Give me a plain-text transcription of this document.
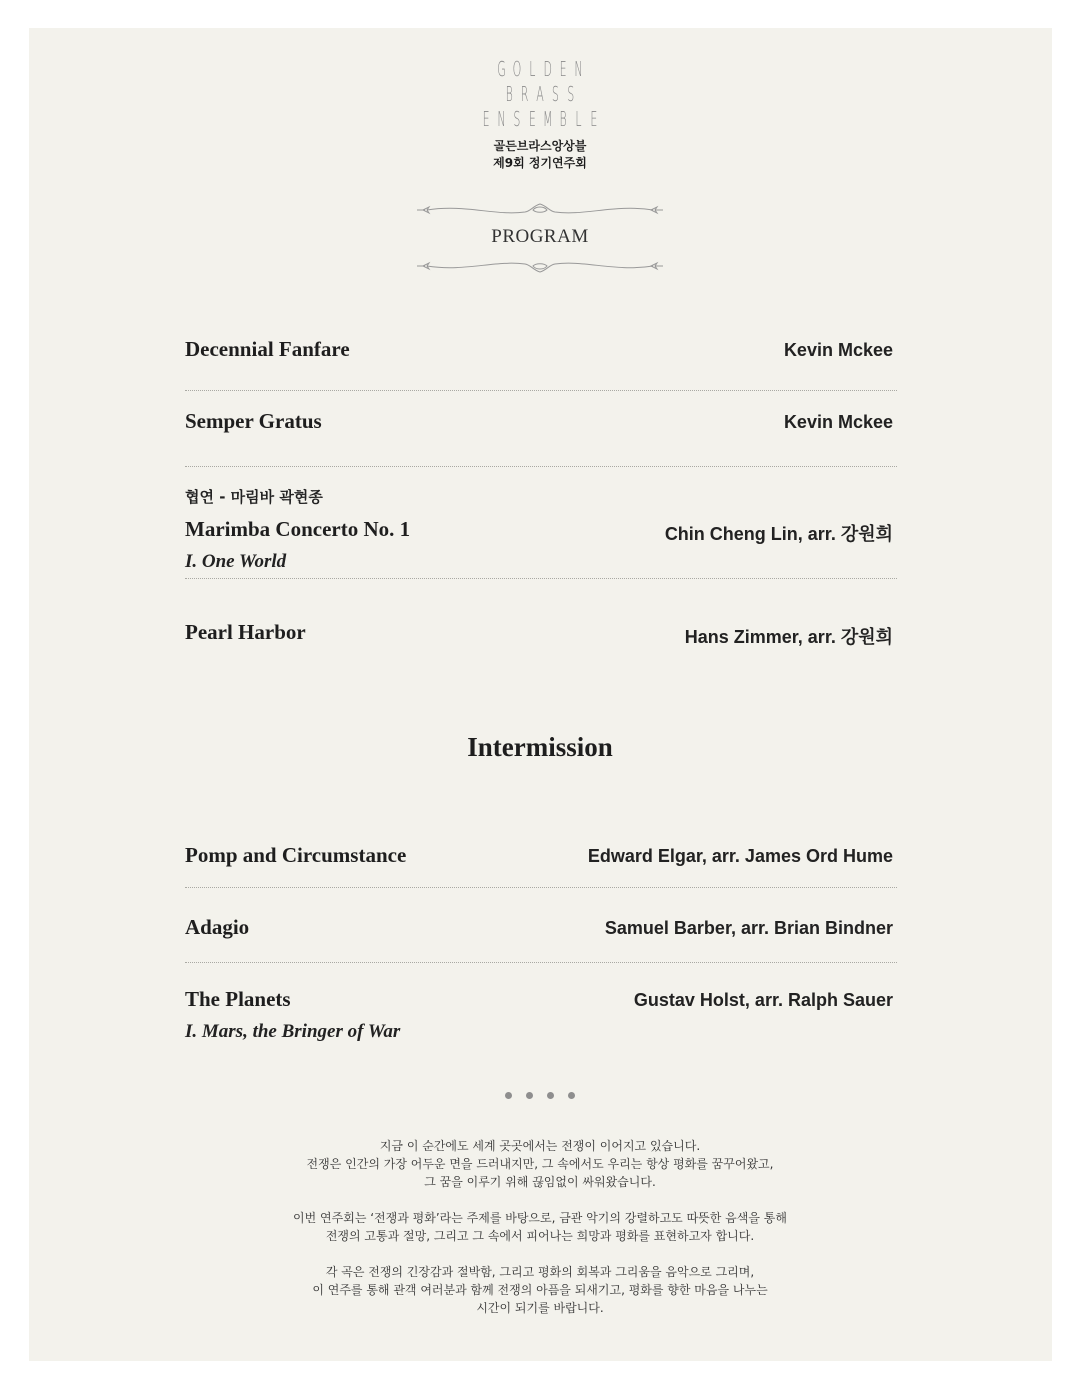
G O L D E N
B R A S S
E N S E M B L E
골든브라스앙상블
제9회 정기연주회
PROGRAM
Decennial Fanfare	Kevin Mckee
Semper Gratus	Kevin Mckee
협연 - 마림바 곽현종
Marimba Concerto No. 1	Chin Cheng Lin, arr. 강원희
I. One World
Pearl Harbor	Hans Zimmer, arr. 강원희
Intermission
Pomp and Circumstance	Edward Elgar, arr. James Ord Hume
Adagio	Samuel Barber, arr. Brian Bindner
The Planets	Gustav Holst, arr. Ralph Sauer
I. Mars, the Bringer of War
지금 이 순간에도 세계 곳곳에서는 전쟁이 이어지고 있습니다.
전쟁은 인간의 가장 어두운 면을 드러내지만, 그 속에서도 우리는 항상 평화를 꿈꾸어왔고,
그 꿈을 이루기 위해 끊임없이 싸워왔습니다.
이번 연주회는 ‘전쟁과 평화’라는 주제를 바탕으로, 금관 악기의 강렬하고도 따뜻한 음색을 통해
전쟁의 고통과 절망, 그리고 그 속에서 피어나는 희망과 평화를 표현하고자 합니다.
각 곡은 전쟁의 긴장감과 절박함, 그리고 평화의 회복과 그리움을 음악으로 그리며,
이 연주를 통해 관객 여러분과 함께 전쟁의 아픔을 되새기고, 평화를 향한 마음을 나누는
시간이 되기를 바랍니다.
